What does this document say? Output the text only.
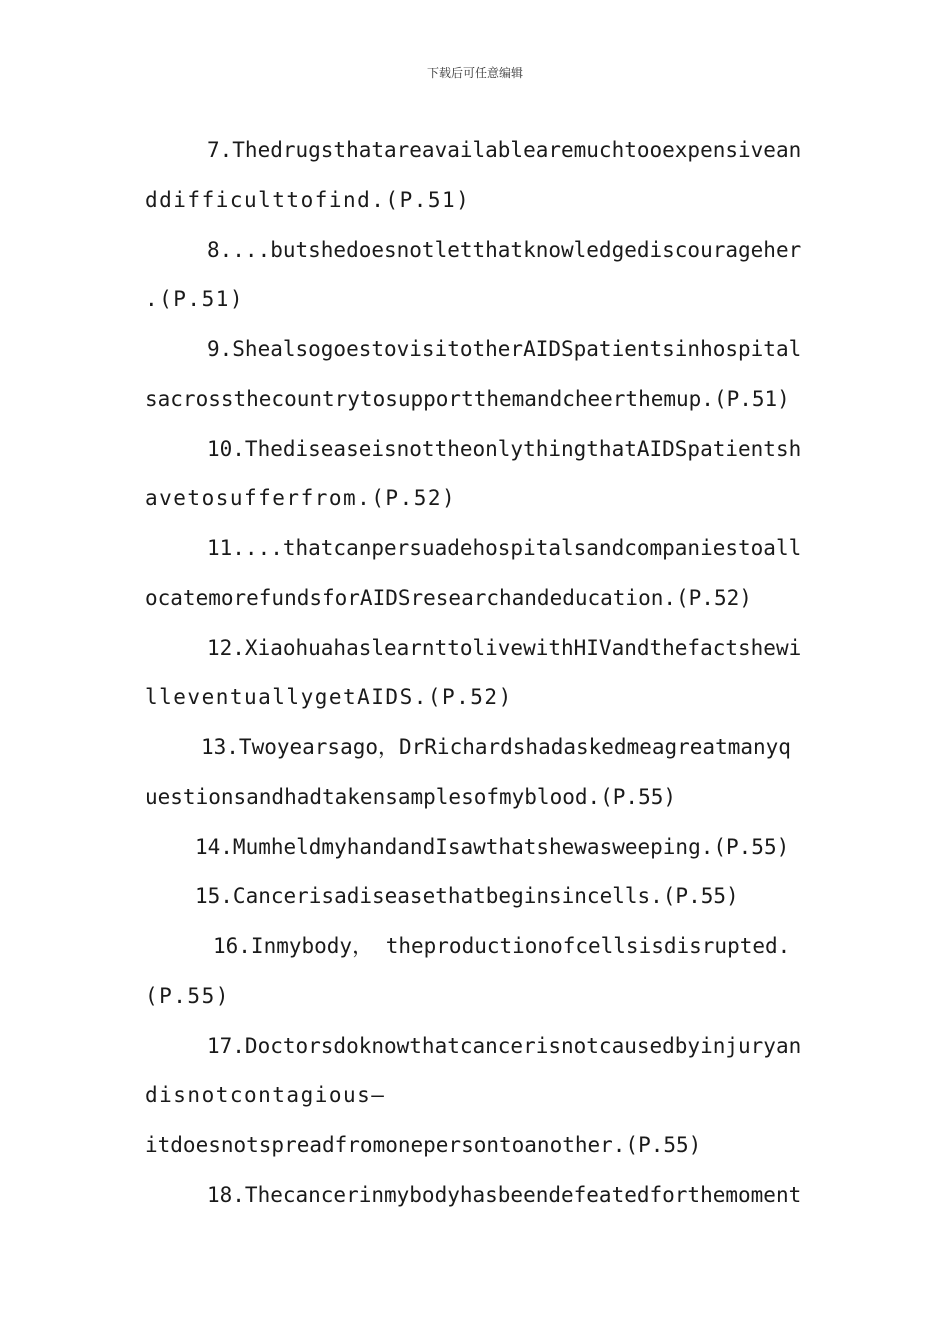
下载后可任意编辑
7.Thedrugsthatareavailablearemuchtooexpensivean
ddifficulttofind.(P.51)
8....butshedoesnotletthatknowledgediscourageher
.(P.51)
9.ShealsogoestovisitotherAIDSpatientsinhospital
sacrossthecountrytosupportthemandcheerthemup.(P.51)
10.ThediseaseisnottheonlythingthatAIDSpatientsh
avetosufferfrom.(P.52)
11....thatcanpersuadehospitalsandcompaniestoall
ocatemorefundsforAIDSresearchandeducation.(P.52)
12.XiaohuahaslearnttolivewithHIVandthefactshewi
lleventuallygetAIDS.(P.52)
13.Twoyearsago，DrRichardshadaskedmeagreatmanyq
uestionsandhadtakensamplesofmyblood.(P.55)
14.MumheldmyhandandIsawthatshewasweeping.(P.55)
15.Cancerisadiseasethatbeginsincells.(P.55)
16.Inmybody， theproductionofcellsisdisrupted.
(P.55)
17.Doctorsdoknowthatcancerisnotcausedbyinjuryan
disnotcontagious—
itdoesnotspreadfromonepersontoanother.(P.55)
18.Thecancerinmybodyhasbeendefeatedforthemoment
